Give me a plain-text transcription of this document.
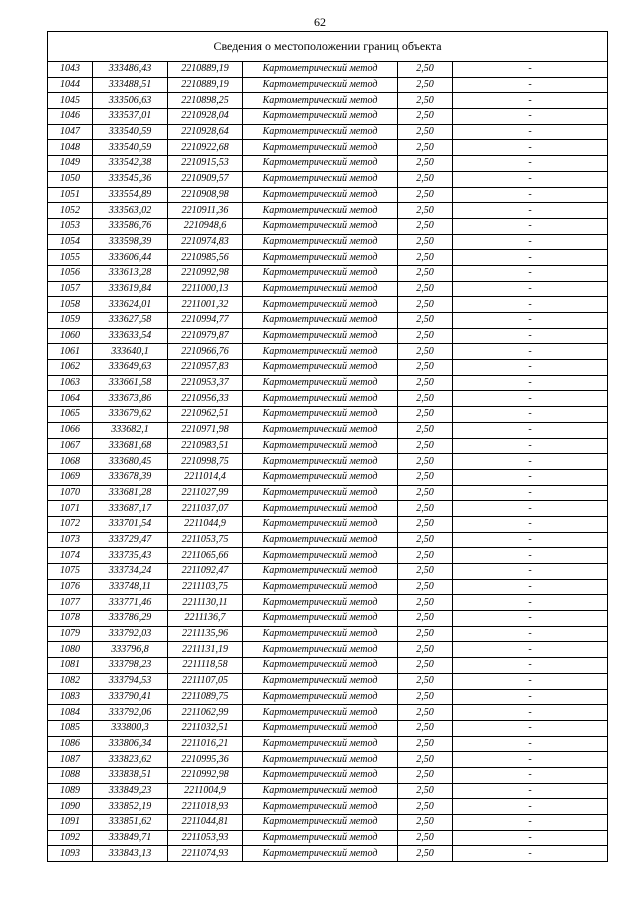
62
Сведения о местоположении границ объекта					
1043	333486,43	2210889,19	Картометрический метод	2,50	-
1044	333488,51	2210889,19	Картометрический метод	2,50	-
1045	333506,63	2210898,25	Картометрический метод	2,50	-
1046	333537,01	2210928,04	Картометрический метод	2,50	-
1047	333540,59	2210928,64	Картометрический метод	2,50	-
1048	333540,59	2210922,68	Картометрический метод	2,50	-
1049	333542,38	2210915,53	Картометрический метод	2,50	-
1050	333545,36	2210909,57	Картометрический метод	2,50	-
1051	333554,89	2210908,98	Картометрический метод	2,50	-
1052	333563,02	2210911,36	Картометрический метод	2,50	-
1053	333586,76	2210948,6	Картометрический метод	2,50	-
1054	333598,39	2210974,83	Картометрический метод	2,50	-
1055	333606,44	2210985,56	Картометрический метод	2,50	-
1056	333613,28	2210992,98	Картометрический метод	2,50	-
1057	333619,84	2211000,13	Картометрический метод	2,50	-
1058	333624,01	2211001,32	Картометрический метод	2,50	-
1059	333627,58	2210994,77	Картометрический метод	2,50	-
1060	333633,54	2210979,87	Картометрический метод	2,50	-
1061	333640,1	2210966,76	Картометрический метод	2,50	-
1062	333649,63	2210957,83	Картометрический метод	2,50	-
1063	333661,58	2210953,37	Картометрический метод	2,50	-
1064	333673,86	2210956,33	Картометрический метод	2,50	-
1065	333679,62	2210962,51	Картометрический метод	2,50	-
1066	333682,1	2210971,98	Картометрический метод	2,50	-
1067	333681,68	2210983,51	Картометрический метод	2,50	-
1068	333680,45	2210998,75	Картометрический метод	2,50	-
1069	333678,39	2211014,4	Картометрический метод	2,50	-
1070	333681,28	2211027,99	Картометрический метод	2,50	-
1071	333687,17	2211037,07	Картометрический метод	2,50	-
1072	333701,54	2211044,9	Картометрический метод	2,50	-
1073	333729,47	2211053,75	Картометрический метод	2,50	-
1074	333735,43	2211065,66	Картометрический метод	2,50	-
1075	333734,24	2211092,47	Картометрический метод	2,50	-
1076	333748,11	2211103,75	Картометрический метод	2,50	-
1077	333771,46	2211130,11	Картометрический метод	2,50	-
1078	333786,29	2211136,7	Картометрический метод	2,50	-
1079	333792,03	2211135,96	Картометрический метод	2,50	-
1080	333796,8	2211131,19	Картометрический метод	2,50	-
1081	333798,23	2211118,58	Картометрический метод	2,50	-
1082	333794,53	2211107,05	Картометрический метод	2,50	-
1083	333790,41	2211089,75	Картометрический метод	2,50	-
1084	333792,06	2211062,99	Картометрический метод	2,50	-
1085	333800,3	2211032,51	Картометрический метод	2,50	-
1086	333806,34	2211016,21	Картометрический метод	2,50	-
1087	333823,62	2210995,36	Картометрический метод	2,50	-
1088	333838,51	2210992,98	Картометрический метод	2,50	-
1089	333849,23	2211004,9	Картометрический метод	2,50	-
1090	333852,19	2211018,93	Картометрический метод	2,50	-
1091	333851,62	2211044,81	Картометрический метод	2,50	-
1092	333849,71	2211053,93	Картометрический метод	2,50	-
1093	333843,13	2211074,93	Картометрический метод	2,50	-
